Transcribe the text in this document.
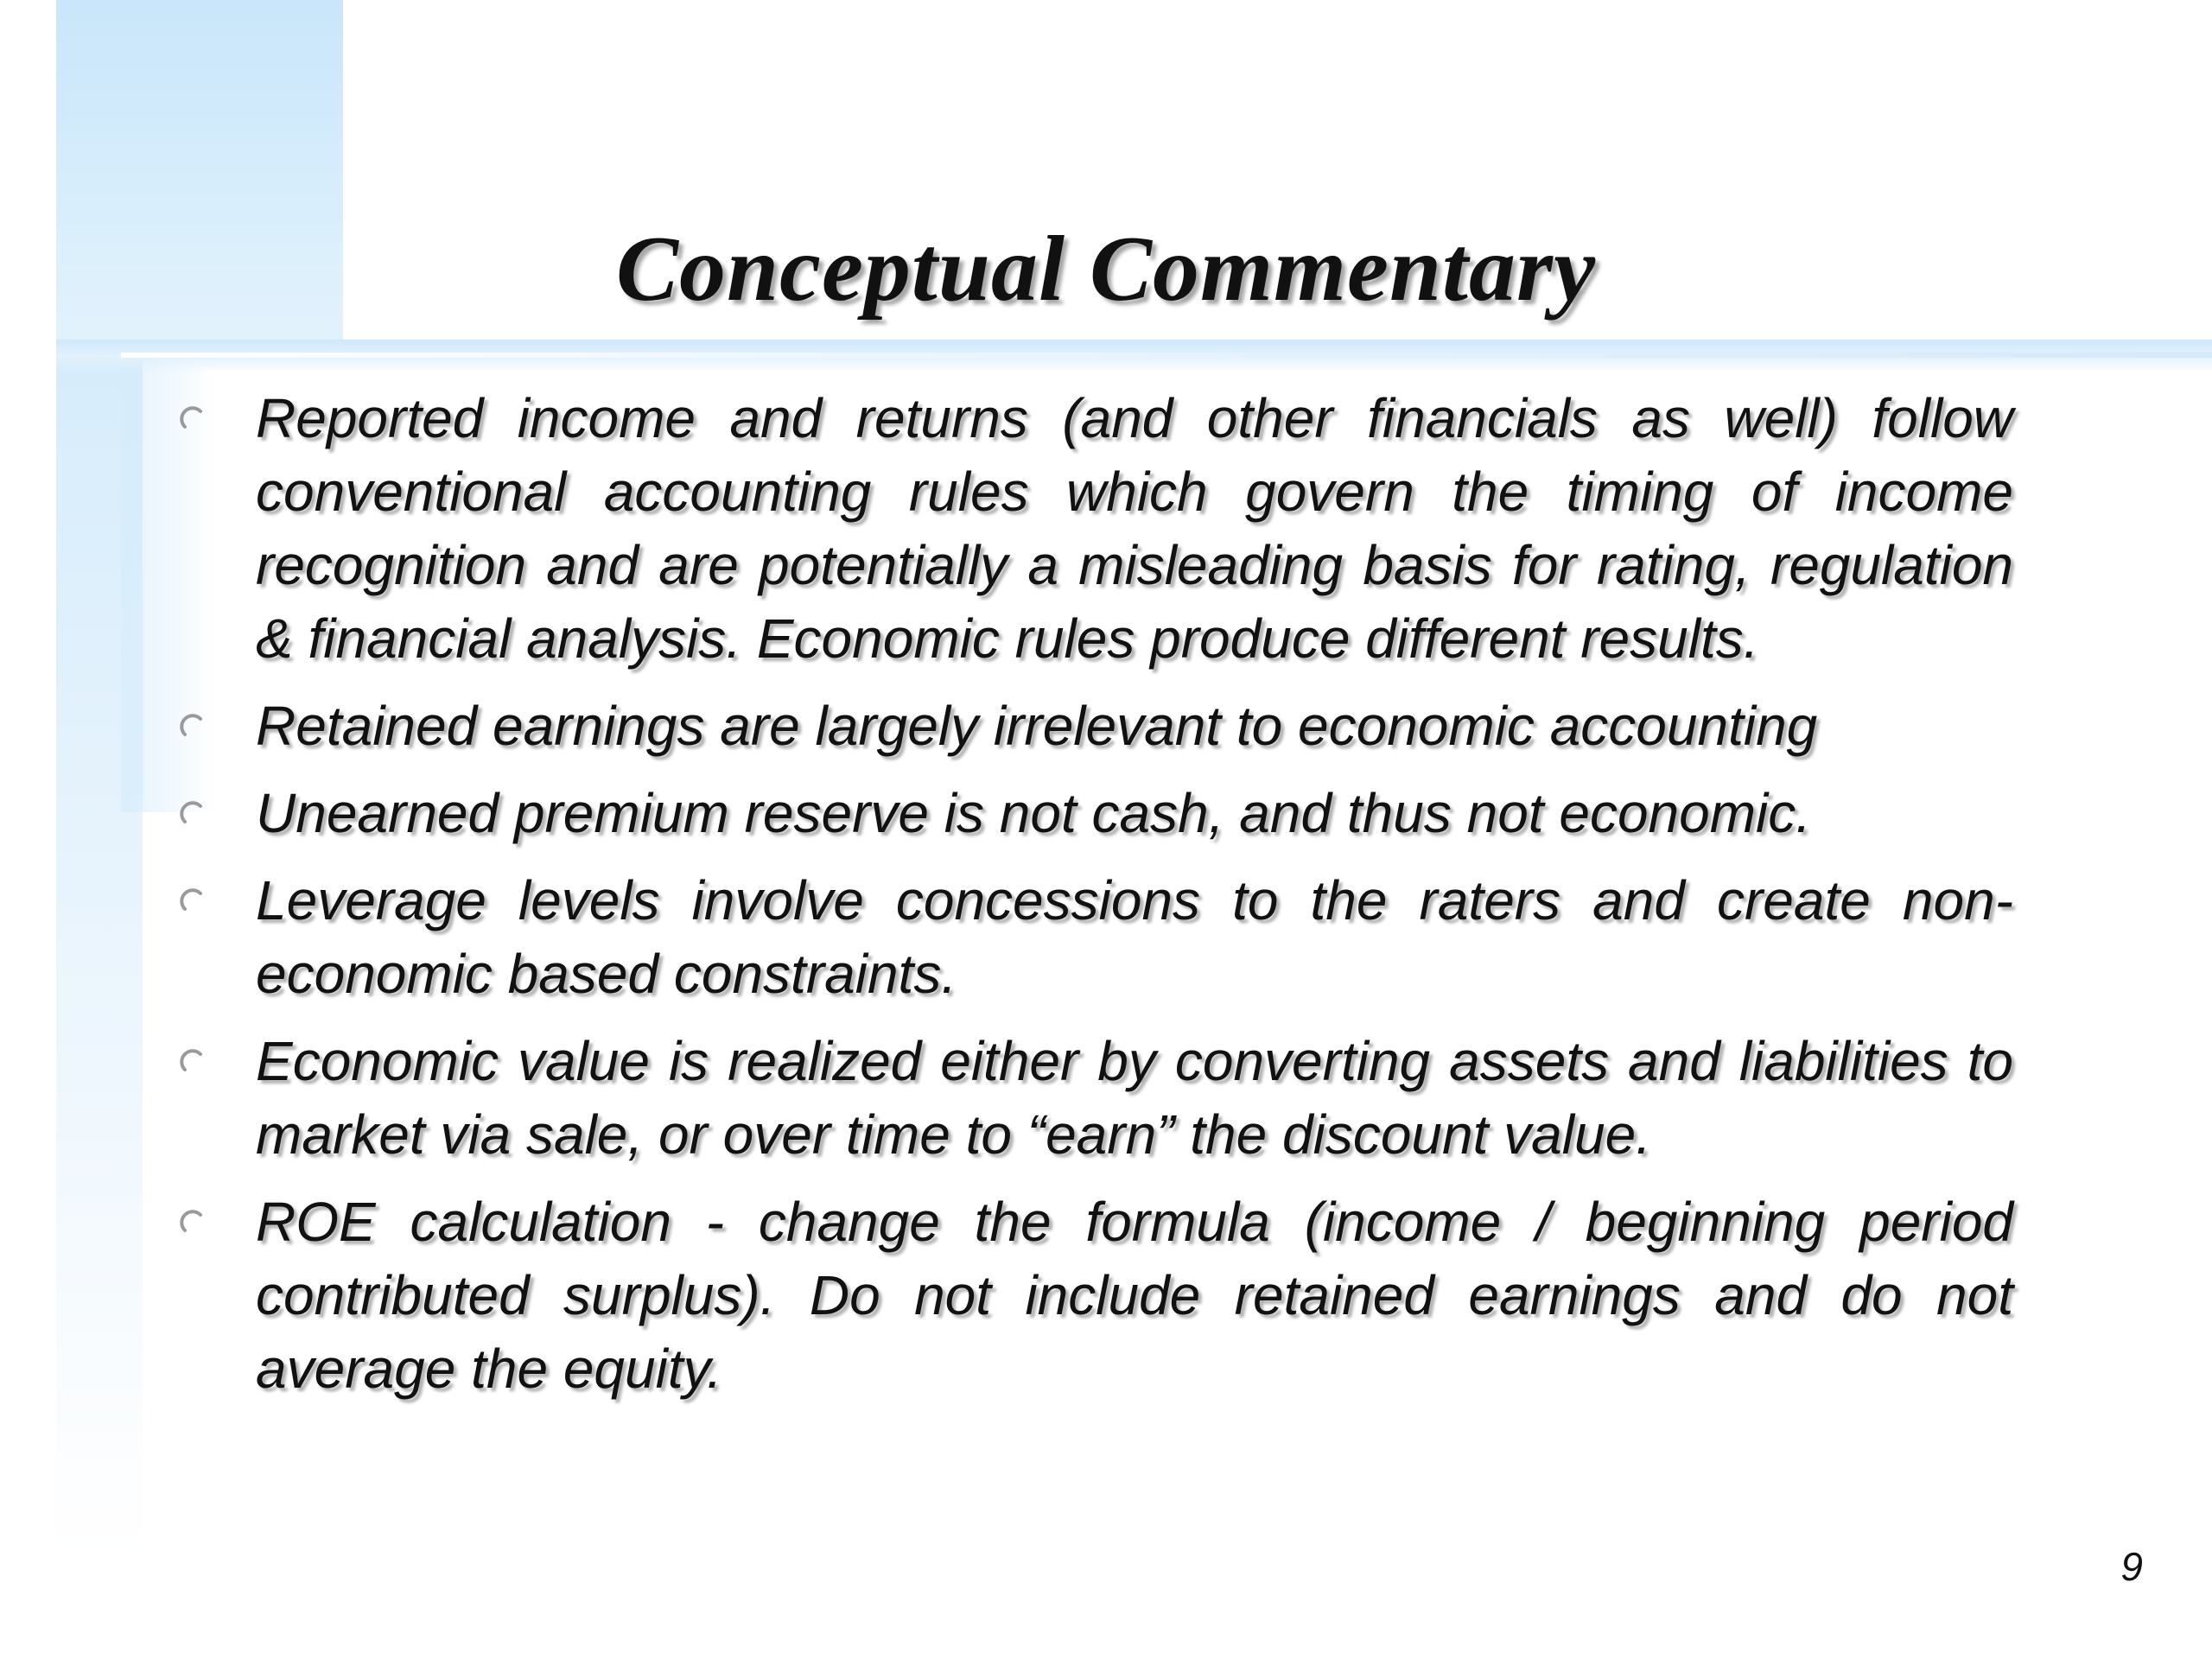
Conceptual Commentary
Reported income and returns (and other financials as well) follow conventional accounting rules which govern the timing of income recognition and are potentially a misleading basis for rating, regulation & financial analysis. Economic rules produce different results.
Retained earnings are largely irrelevant to economic accounting
Unearned premium reserve is not cash, and thus not economic.
Leverage levels involve concessions to the raters and create non-economic based constraints.
Economic value is realized either by converting assets and liabilities to market via sale, or over time to “earn” the discount value.
ROE calculation - change the formula (income / beginning period contributed surplus). Do not include retained earnings and do not average the equity.
9
